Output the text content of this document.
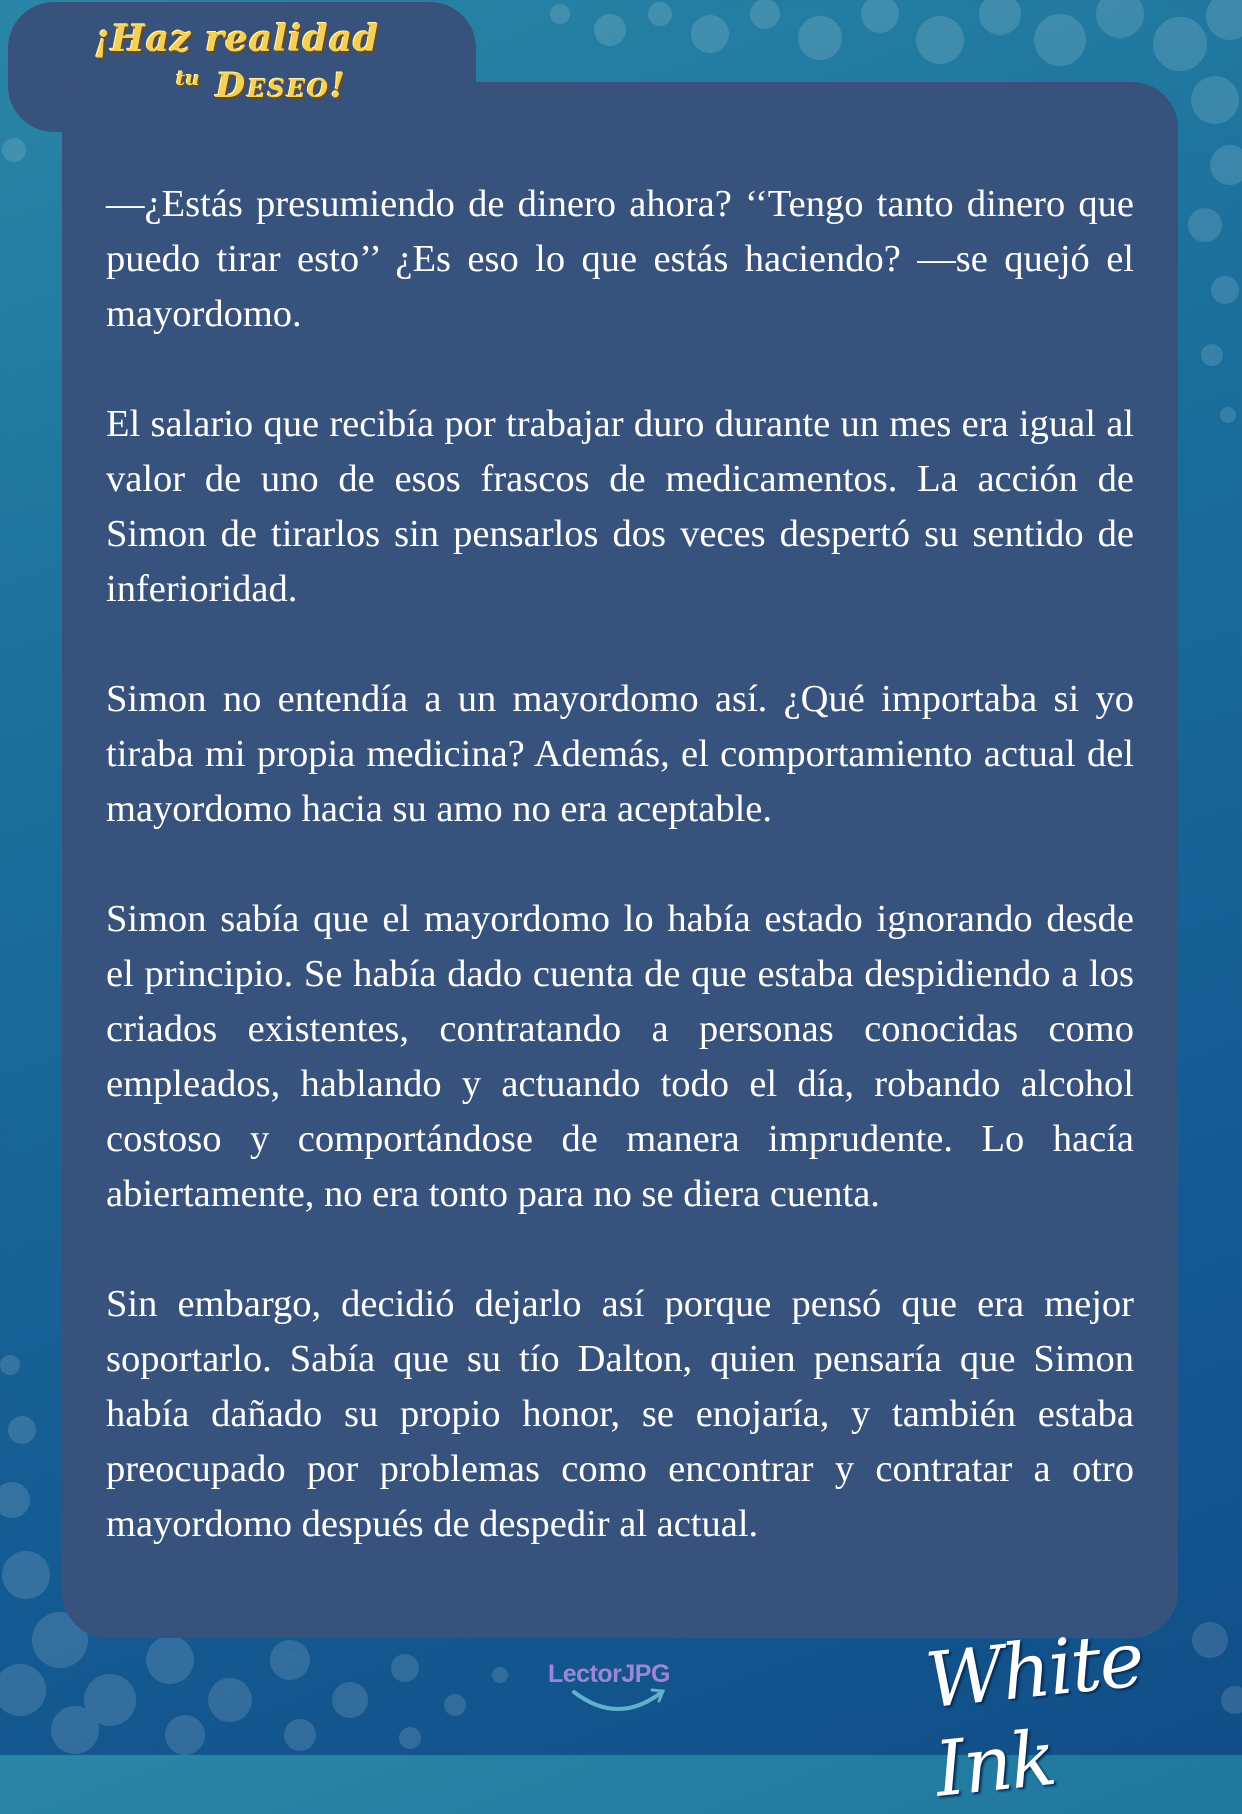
¡Haz realidad
tu Deseo!

—¿Estás presumiendo de dinero ahora? ‘‘Tengo tanto dinero que puedo tirar esto’’ ¿Es eso lo que estás haciendo? —se quejó el mayordomo.

El salario que recibía por trabajar duro durante un mes era igual al valor de uno de esos frascos de medicamentos. La acción de Simon de tirarlos sin pensarlos dos veces despertó su sentido de inferioridad.

Simon no entendía a un mayordomo así. ¿Qué importaba si yo tiraba mi propia medicina? Además, el comportamiento actual del mayordomo hacia su amo no era aceptable.

Simon sabía que el mayordomo lo había estado ignorando desde el principio. Se había dado cuenta de que estaba despidiendo a los criados existentes, contratando a personas conocidas como empleados, hablando y actuando todo el día, robando alcohol costoso y comportándose de manera imprudente. Lo hacía abiertamente, no era tonto para no se diera cuenta.

Sin embargo, decidió dejarlo así porque pensó que era mejor soportarlo. Sabía que su tío Dalton, quien pensaría que Simon había dañado su propio honor, se enojaría, y también estaba preocupado por problemas como encontrar y contratar a otro mayordomo después de despedir al actual.

LectorJPG	White Ink
